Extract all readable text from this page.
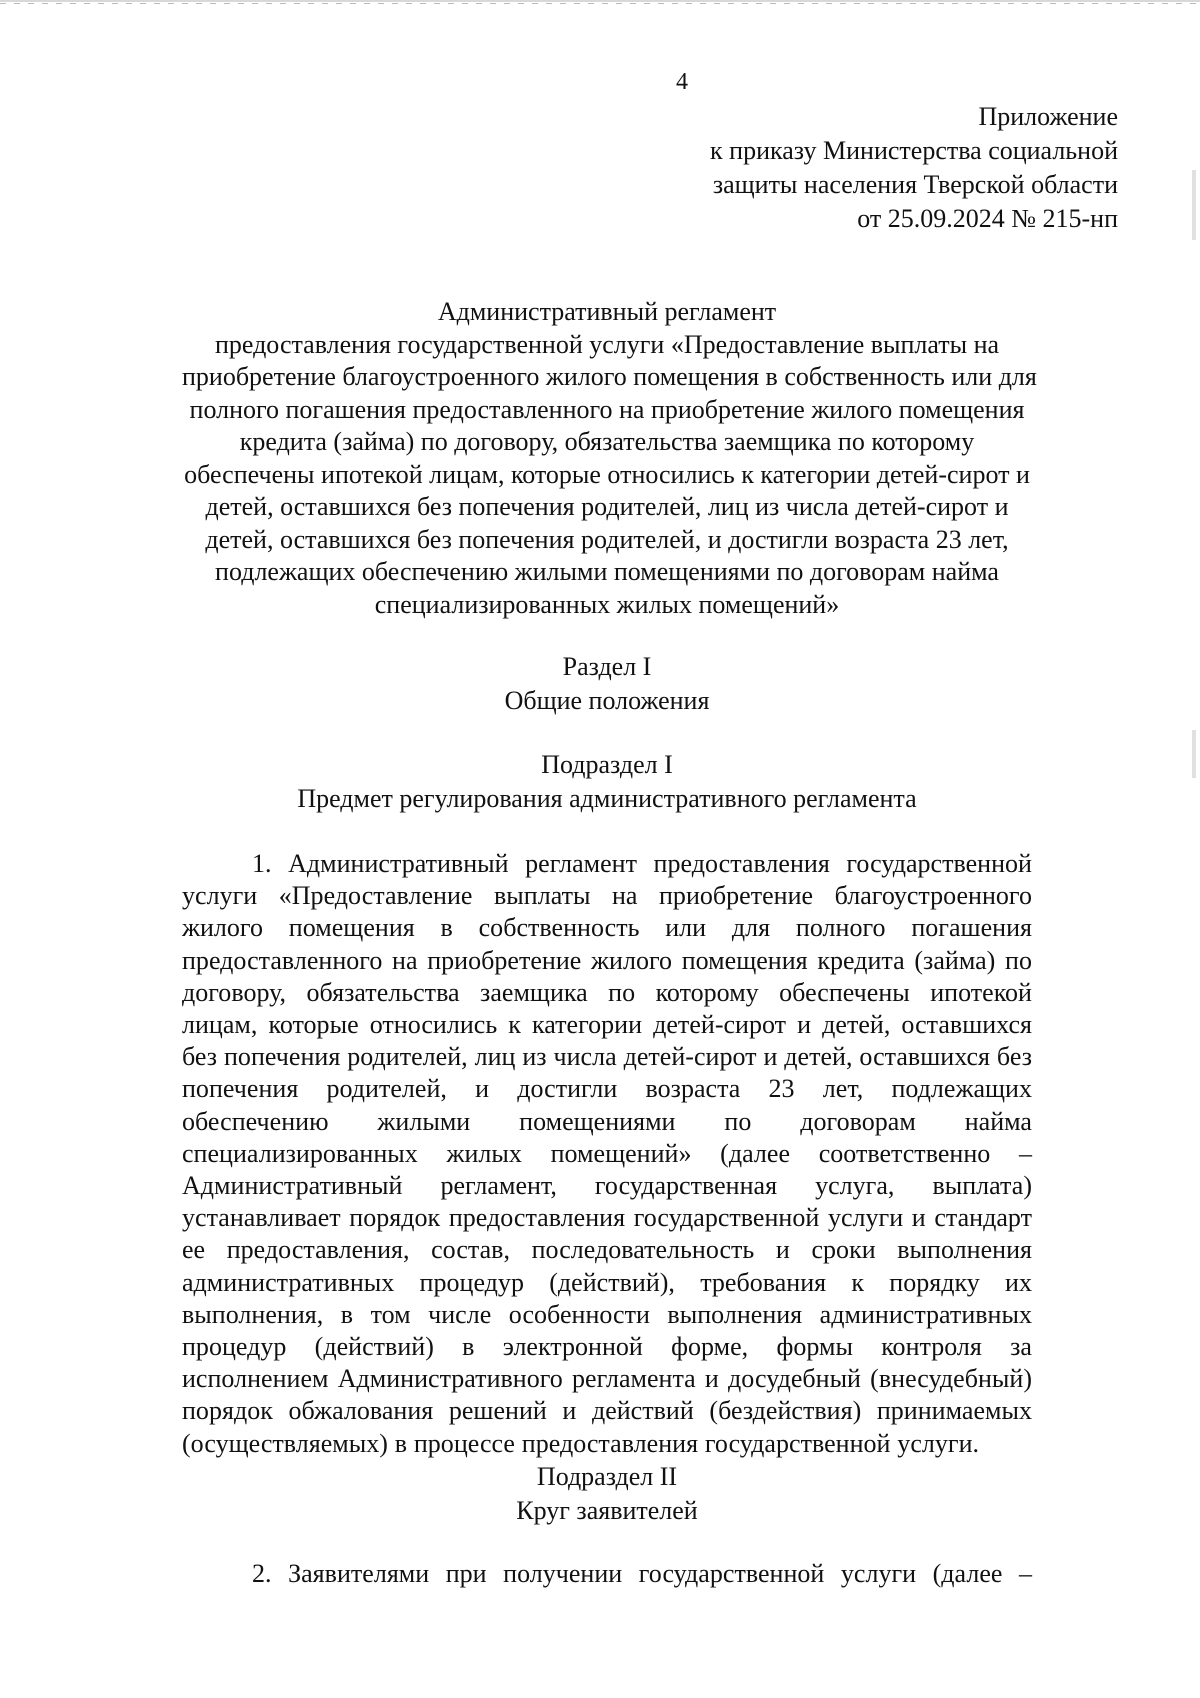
4
Приложение
к приказу Министерства социальной
защиты населения Тверской области
от 25.09.2024 № 215-нп
Административный регламент
предоставления государственной услуги «Предоставление выплаты на
приобретение благоустроенного жилого помещения в собственность или для
полного погашения предоставленного на приобретение жилого помещения
кредита (займа) по договору, обязательства заемщика по которому
обеспечены ипотекой лицам, которые относились к категории детей-сирот и
детей, оставшихся без попечения родителей, лиц из числа детей-сирот и
детей, оставшихся без попечения родителей, и достигли возраста 23 лет,
подлежащих обеспечению жилыми помещениями по договорам найма
специализированных жилых помещений»
Раздел I
Общие положения
Подраздел I
Предмет регулирования административного регламента
1. Административный регламент предоставления государственной услуги «Предоставление выплаты на приобретение благоустроенного жилого помещения в собственность или для полного погашения предоставленного на приобретение жилого помещения кредита (займа) по договору, обязательства заемщика по которому обеспечены ипотекой лицам, которые относились к категории детей-сирот и детей, оставшихся без попечения родителей, лиц из числа детей-сирот и детей, оставшихся без попечения родителей, и достигли возраста 23 лет, подлежащих обеспечению жилыми помещениями по договорам найма специализированных жилых помещений» (далее соответственно – Административный регламент, государственная услуга, выплата) устанавливает порядок предоставления государственной услуги и стандарт ее предоставления, состав, последовательность и сроки выполнения административных процедур (действий), требования к порядку их выполнения, в том числе особенности выполнения административных процедур (действий) в электронной форме, формы контроля за исполнением Административного регламента и досудебный (внесудебный) порядок обжалования решений и действий (бездействия) принимаемых (осуществляемых) в процессе предоставления государственной услуги.
Подраздел II
Круг заявителей
2. Заявителями при получении государственной услуги (далее –
